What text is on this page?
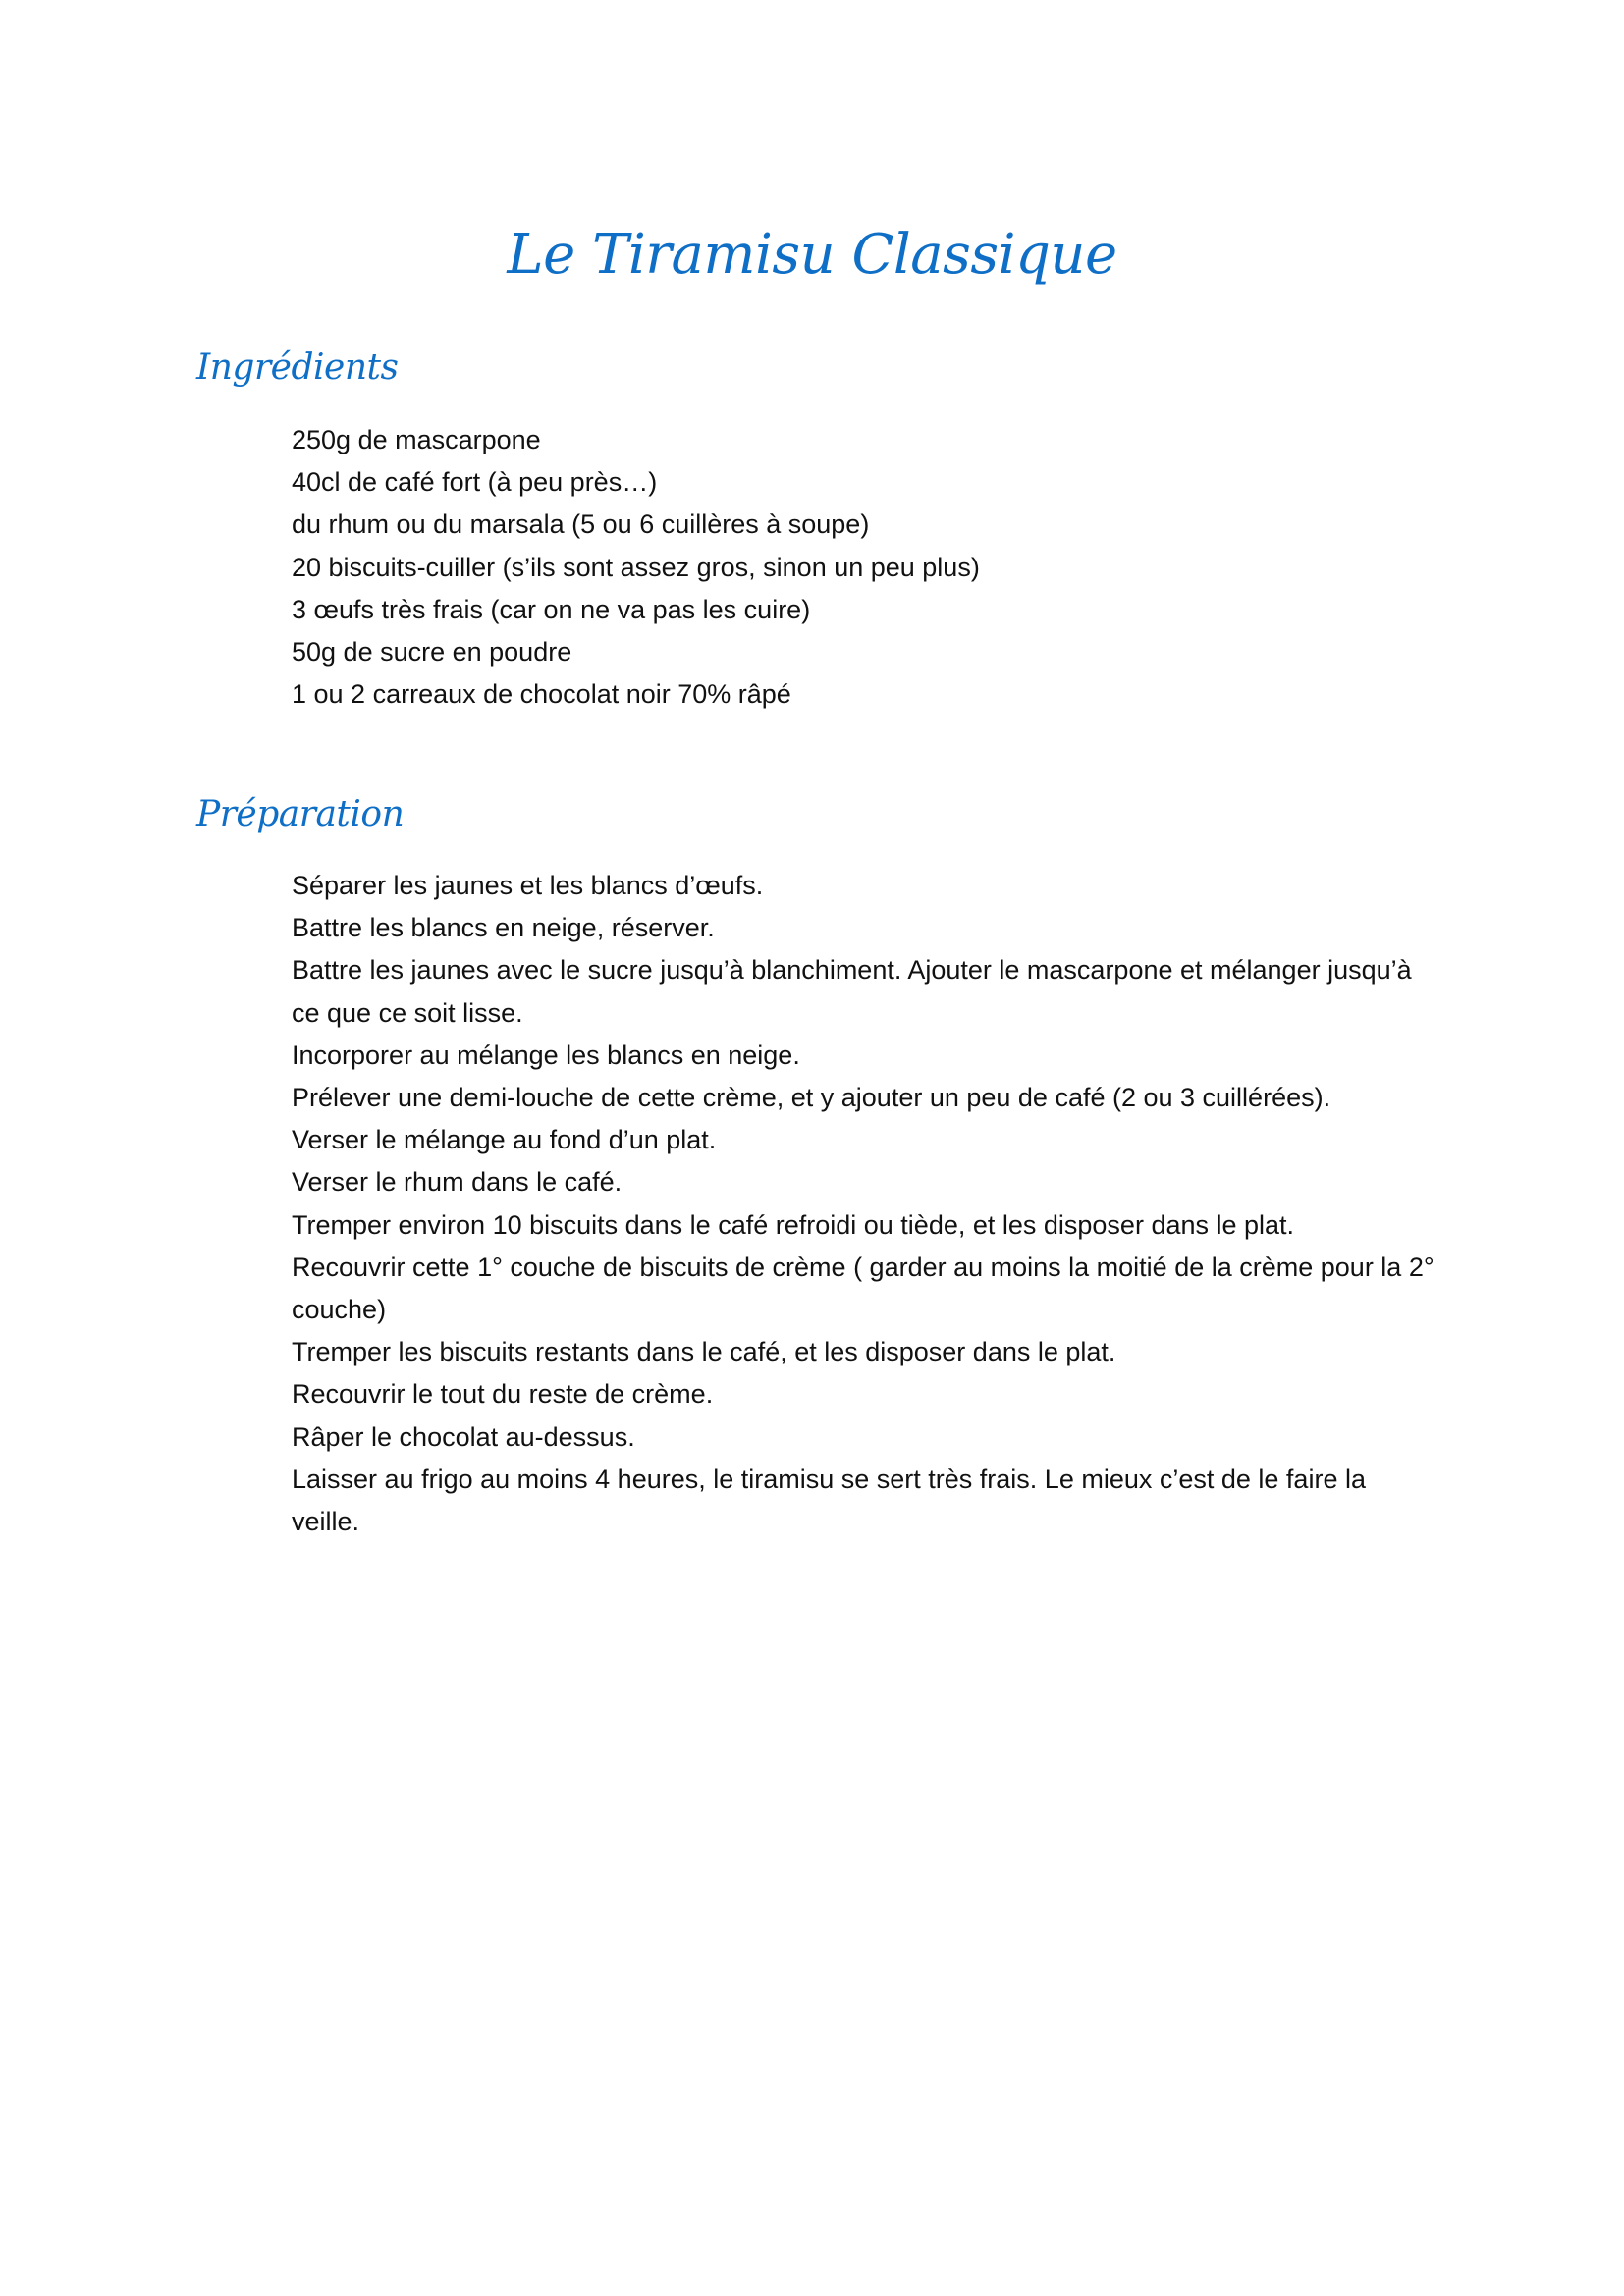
Le Tiramisu Classique
Ingrédients
250g de mascarpone
40cl de café fort (à peu près…)
du rhum ou du marsala (5 ou 6 cuillères à soupe)
20 biscuits-cuiller (s’ils sont assez gros, sinon un peu plus)
3 œufs très frais (car on ne va pas les cuire)
50g de sucre en poudre
1 ou 2 carreaux de chocolat noir 70% râpé
Préparation
Séparer les jaunes et les blancs d’œufs.
Battre les blancs en neige, réserver.
Battre les jaunes avec le sucre jusqu’à blanchiment. Ajouter le mascarpone et mélanger jusqu’à ce que ce soit lisse.
Incorporer au mélange les blancs en neige.
Prélever une demi-louche de cette crème, et y ajouter un peu de café (2 ou 3 cuillérées).
Verser le mélange au fond d’un plat.
Verser le rhum dans le café.
Tremper environ 10 biscuits dans le café refroidi ou tiède, et les disposer dans le plat.
Recouvrir cette 1° couche de biscuits de crème ( garder au moins la moitié de la crème pour la 2° couche)
Tremper les biscuits restants dans le café, et les disposer dans le plat.
Recouvrir le tout du reste de crème.
Râper le chocolat au-dessus.
Laisser au frigo au moins 4 heures, le tiramisu se sert très frais. Le mieux c’est de le faire la veille.
